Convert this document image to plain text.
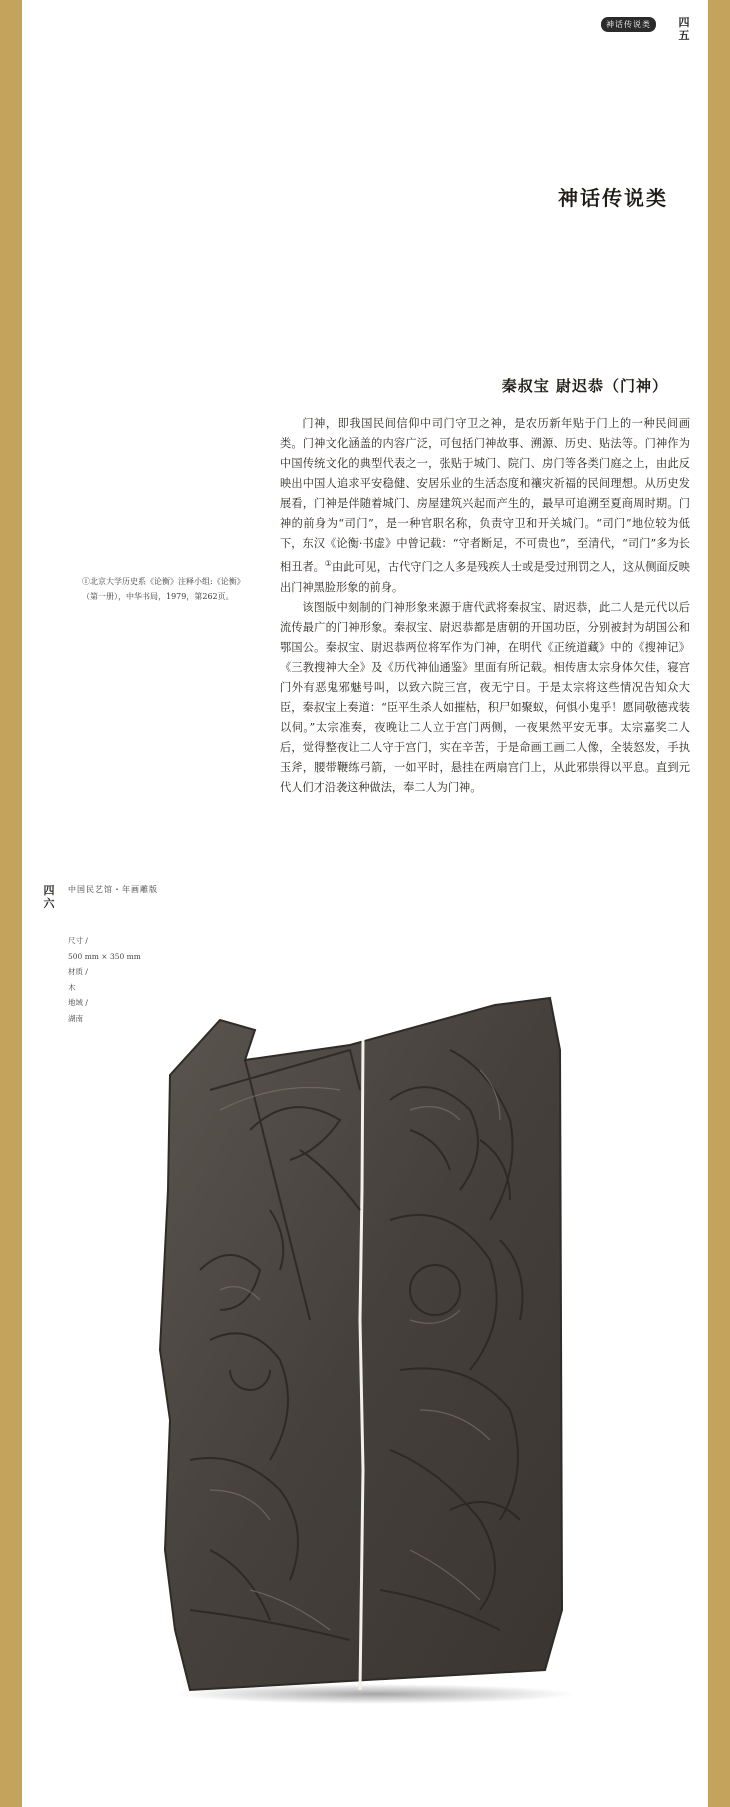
神话传说类	四五
神话传说类
秦叔宝 尉迟恭（门神）

门神，即我国民间信仰中司门守卫之神，是农历新年贴于门上的一种民间画类。门神文化涵盖的内容广泛，可包括门神故事、溯源、历史、贴法等。门神作为中国传统文化的典型代表之一，张贴于城门、院门、房门等各类门庭之上，由此反映出中国人追求平安稳健、安居乐业的生活态度和禳灾祈福的民间理想。从历史发展看，门神是伴随着城门、房屋建筑兴起而产生的，最早可追溯至夏商周时期。门神的前身为“司门”，是一种官职名称，负责守卫和开关城门。“司门”地位较为低下，东汉《论衡·书虚》中曾记载：“守者断足，不可贵也”，至清代，“司门”多为长相丑者。①由此可见，古代守门之人多是残疾人士或是受过刑罚之人，这从侧面反映出门神黑脸形象的前身。

该图版中刻制的门神形象来源于唐代武将秦叔宝、尉迟恭，此二人是元代以后流传最广的门神形象。秦叔宝、尉迟恭都是唐朝的开国功臣，分别被封为胡国公和鄂国公。秦叔宝、尉迟恭两位将军作为门神，在明代《正统道藏》中的《搜神记》《三教搜神大全》及《历代神仙通鉴》里面有所记载。相传唐太宗身体欠佳，寝宫门外有恶鬼邪魅号叫，以致六院三宫，夜无宁日。于是太宗将这些情况告知众大臣，秦叔宝上奏道：“臣平生杀人如摧枯，积尸如聚蚁，何惧小鬼乎！愿同敬德戎装以伺。”太宗准奏，夜晚让二人立于宫门两侧，一夜果然平安无事。太宗嘉奖二人后，觉得整夜让二人守于宫门，实在辛苦，于是命画工画二人像，全装怒发，手执玉斧，腰带鞭练弓箭，一如平时，悬挂在两扇宫门上，从此邪祟得以平息。直到元代人们才沿袭这种做法，奉二人为门神。

①北京大学历史系《论衡》注释小组:《论衡》
（第一册），中华书局，1979，第262页。
四六
中国民艺馆・年画雕版
尺寸 /
500 mm × 350 mm
材质 /
木
地域 /
湖南
